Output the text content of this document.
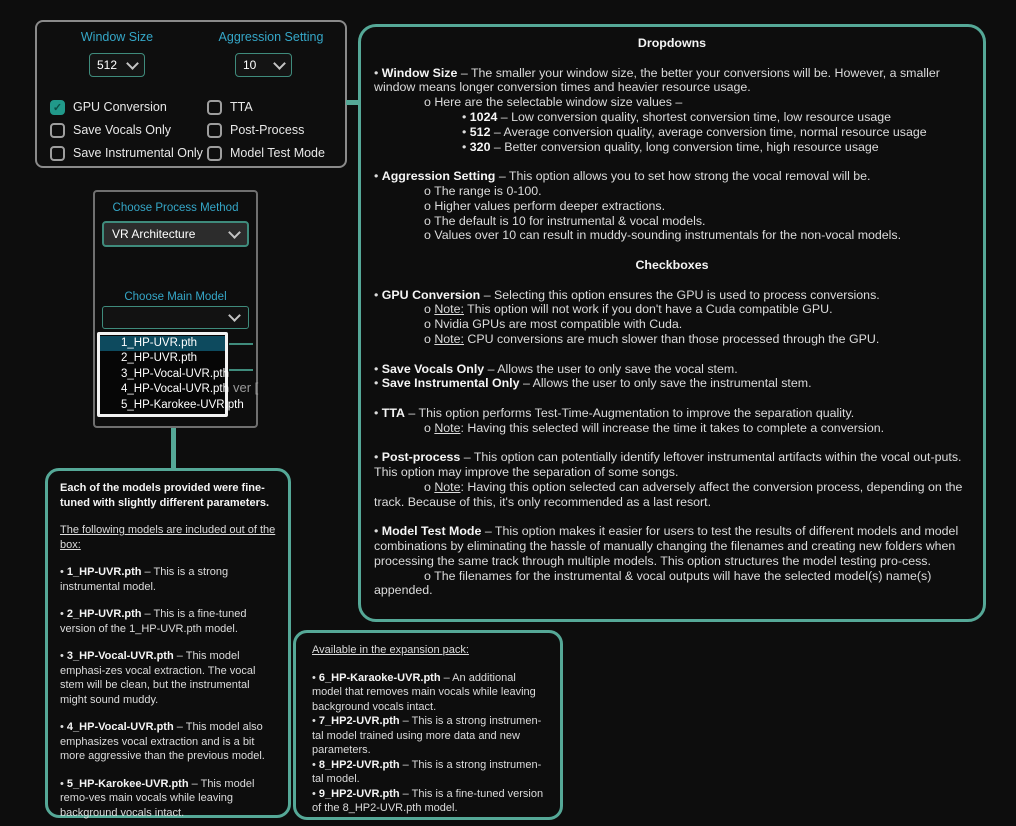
Window Size	Aggression Setting
512	10
✓ GPU Conversion
Save Vocals Only
Save Instrumental Only
TTA
Post-Process
Model Test Mode
Choose Process Method
VR Architecture
Choose Main Model
ver [
1_HP-UVR.pth
2_HP-UVR.pth
3_HP-Vocal-UVR.pth
4_HP-Vocal-UVR.pth
5_HP-Karokee-UVR.pth

Dropdowns

• Window Size – The smaller your window size, the better your conversions will be. However, a smaller window means longer conversion times and heavier resource usage.

o Here are the selectable window size values –

• 1024 – Low conversion quality, shortest conversion time, low resource usage

• 512 – Average conversion quality, average conversion time, normal resource usage

• 320 – Better conversion quality, long conversion time, high resource usage

• Aggression Setting – This option allows you to set how strong the vocal removal will be.

o The range is 0-100.

o Higher values perform deeper extractions.

o The default is 10 for instrumental & vocal models.

o Values over 10 can result in muddy-sounding instrumentals for the non-vocal models.

Checkboxes

• GPU Conversion – Selecting this option ensures the GPU is used to process conversions.

o Note: This option will not work if you don't have a Cuda compatible GPU.

o Nvidia GPUs are most compatible with Cuda.

o Note: CPU conversions are much slower than those processed through the GPU.

• Save Vocals Only – Allows the user to only save the vocal stem.

• Save Instrumental Only – Allows the user to only save the instrumental stem.

• TTA – This option performs Test-Time-Augmentation to improve the separation quality.

o Note: Having this selected will increase the time it takes to complete a conversion.

• Post-process – This option can potentially identify leftover instrumental artifacts within the vocal out-puts. This option may improve the separation of some songs.

o Note: Having this option selected can adversely affect the conversion process, depending on the track. Because of this, it's only recommended as a last resort.

• Model Test Mode – This option makes it easier for users to test the results of different models and model combinations by eliminating the hassle of manually changing the filenames and creating new folders when processing the same track through multiple models. This option structures the model testing pro-cess.

o The filenames for the instrumental & vocal outputs will have the selected model(s) name(s) appended.

Each of the models provided were fine-tuned with slightly different parameters.

The following models are included out of the box:

• 1_HP-UVR.pth – This is a strong instrumental model.

• 2_HP-UVR.pth – This is a fine-tuned version of the 1_HP-UVR.pth model.

• 3_HP-Vocal-UVR.pth – This model emphasi-zes vocal extraction. The vocal stem will be clean, but the instrumental might sound muddy.

• 4_HP-Vocal-UVR.pth – This model also emphasizes vocal extraction and is a bit more aggressive than the previous model.

• 5_HP-Karokee-UVR.pth – This model remo-ves main vocals while leaving background vocals intact.

Available in the expansion pack:

• 6_HP-Karaoke-UVR.pth – An additional model that removes main vocals while leaving background vocals intact.

• 7_HP2-UVR.pth – This is a strong instrumen-tal model trained using more data and new parameters.

• 8_HP2-UVR.pth – This is a strong instrumen-tal model.

• 9_HP2-UVR.pth – This is a fine-tuned version of the 8_HP2-UVR.pth model.
